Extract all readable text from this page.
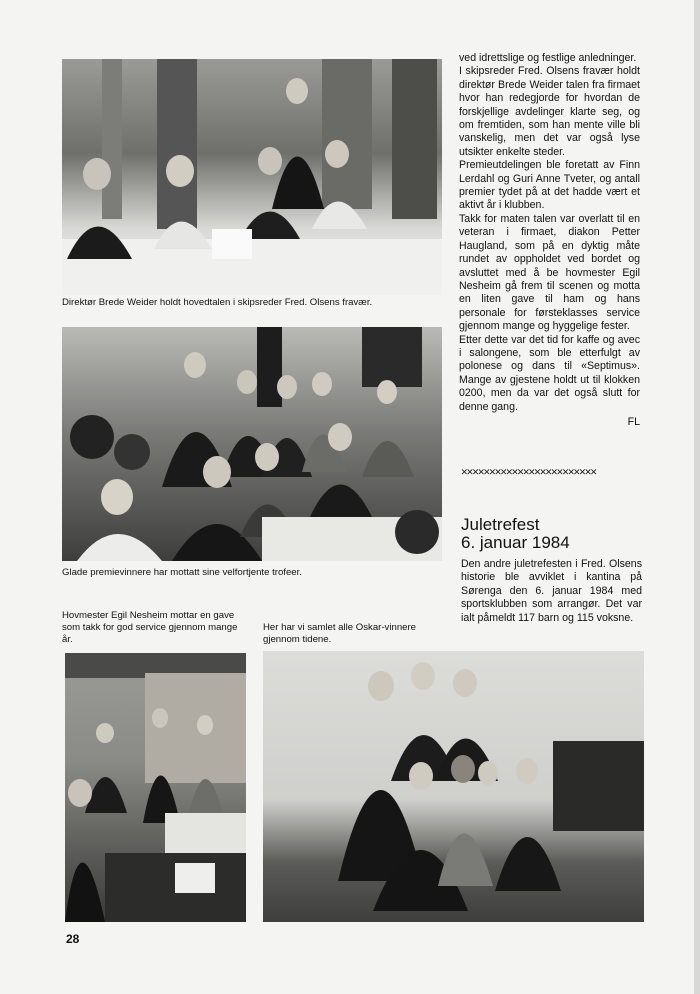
Direktør Brede Weider holdt hovedtalen i skipsreder Fred. Olsens fravær.
Glade premievinnere har mottatt sine velfortjente trofeer.
Hovmester Egil Nesheim mottar en gave som takk for god service gjennom mange år.
Her har vi samlet alle Oskar-vinnere gjennom tidene.

ved idrettslige og festlige anledninger.

I skipsreder Fred. Olsens fravær holdt direktør Brede Weider talen fra firmaet hvor han redegjorde for hvordan de forskjellige avdelinger klarte seg, og om fremtiden, som han mente ville bli vanskelig, men det var også lyse utsikter enkelte steder.

Premieutdelingen ble foretatt av Finn Lerdahl og Guri Anne Tveter, og antall premier tydet på at det hadde vært et aktivt år i klubben.

Takk for maten talen var overlatt til en veteran i firmaet, diakon Petter Haugland, som på en dyktig måte rundet av oppholdet ved bordet og avsluttet med å be hovmester Egil Nesheim gå frem til scenen og motta en liten gave til ham og hans personale for førsteklasses service gjennom mange og hyggelige fester.

Etter dette var det tid for kaffe og avec i salongene, som ble etterfulgt av polonese og dans til «Septimus». Mange av gjestene holdt ut til klokken 0200, men da var det også slutt for denne gang.

FL

✕✕✕✕✕✕✕✕✕✕✕✕✕✕✕✕✕✕✕✕✕✕✕✕
Juletrefest
6. januar 1984

Den andre juletrefesten i Fred. Olsens historie ble avviklet i kantina på Sørenga den 6. januar 1984 med sportsklubben som arrangør. Det var ialt påmeldt 117 barn og 115 voksne.

28
